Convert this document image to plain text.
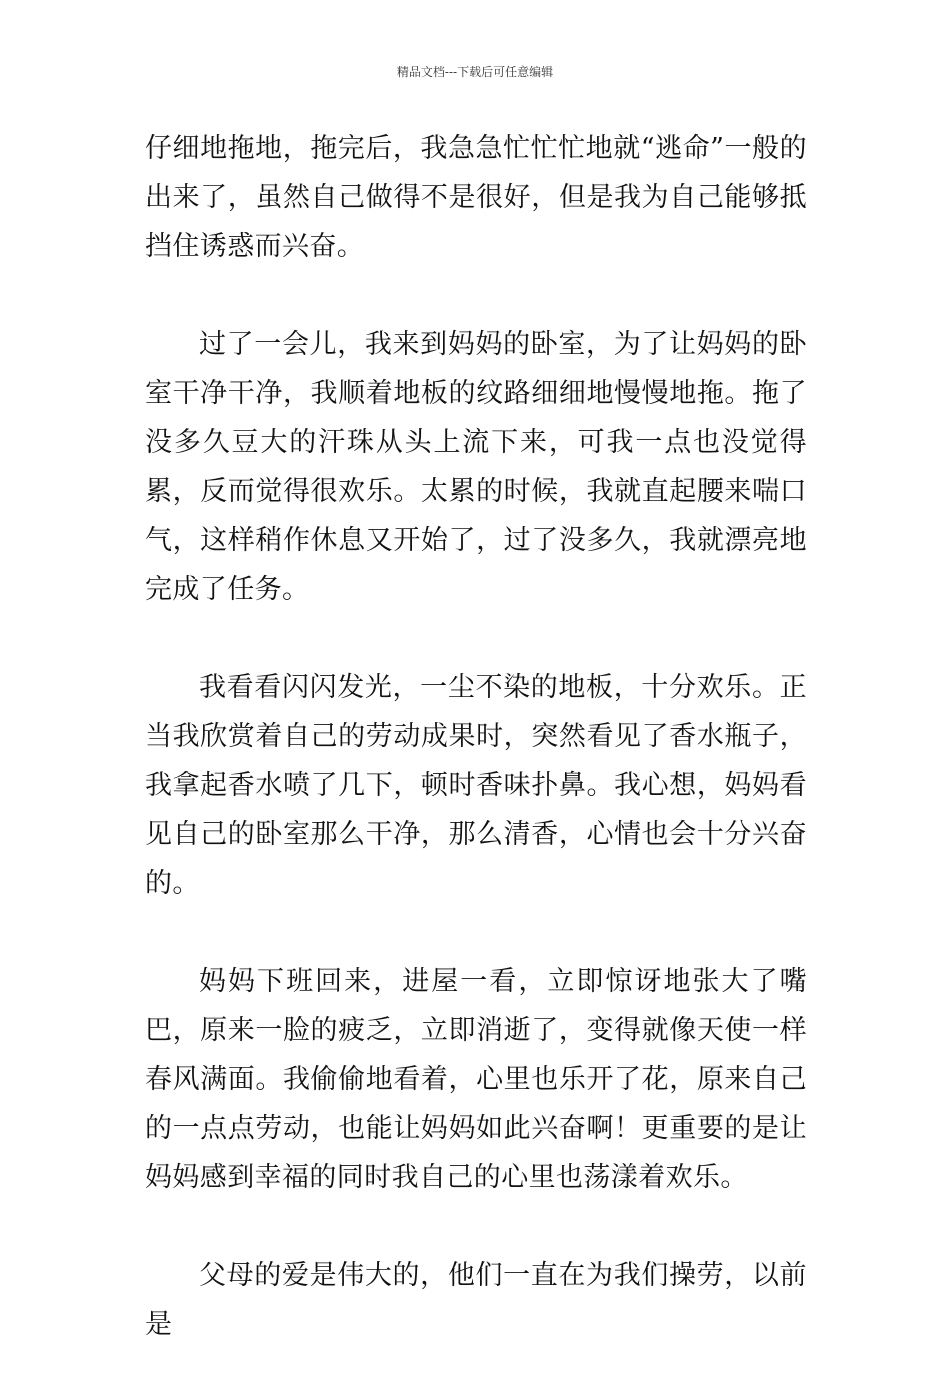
精品文档---下载后可任意编辑

仔细地拖地，拖完后，我急急忙忙忙地就“逃命”一般的出来了，虽然自己做得不是很好，但是我为自己能够抵挡住诱惑而兴奋。

过了一会儿，我来到妈妈的卧室，为了让妈妈的卧室干净干净，我顺着地板的纹路细细地慢慢地拖。拖了没多久豆大的汗珠从头上流下来，可我一点也没觉得累，反而觉得很欢乐。太累的时候，我就直起腰来喘口气，这样稍作休息又开始了，过了没多久，我就漂亮地完成了任务。

我看看闪闪发光，一尘不染的地板，十分欢乐。正当我欣赏着自己的劳动成果时，突然看见了香水瓶子，我拿起香水喷了几下，顿时香味扑鼻。我心想，妈妈看见自己的卧室那么干净，那么清香，心情也会十分兴奋的。

妈妈下班回来，进屋一看，立即惊讶地张大了嘴巴，原来一脸的疲乏，立即消逝了，变得就像天使一样春风满面。我偷偷地看着，心里也乐开了花，原来自己的一点点劳动，也能让妈妈如此兴奋啊！更重要的是让妈妈感到幸福的同时我自己的心里也荡漾着欢乐。

父母的爱是伟大的，他们一直在为我们操劳，以前是
